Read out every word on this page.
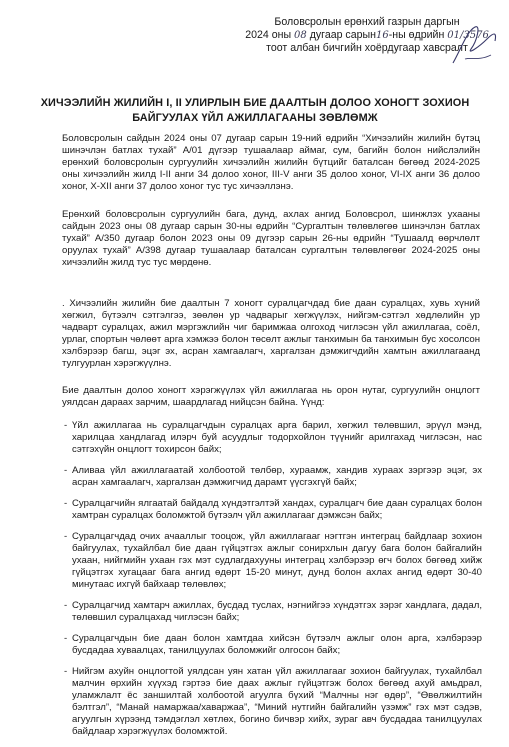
Боловсролын ерөнхий газрын даргын
2024 оны 08 дугаар сарын16-ны өдрийн 01/3576
тоот албан бичгийн хоёрдугаар хавсралт
ХИЧЭЭЛИЙН ЖИЛИЙН I, II УЛИРЛЫН БИЕ ДААЛТЫН ДОЛОО ХОНОГТ ЗОХИОН
БАЙГУУЛАХ ҮЙЛ АЖИЛЛАГААНЫ ЗӨВЛӨМЖ

Боловсролын сайдын 2024 оны 07 дугаар сарын 19-ний өдрийн “Хичээлийн жилийн бүтэц шинэчлэн батлах тухай” А/01 дүгээр тушаалаар аймаг, сум, багийн болон нийслэлийн ерөнхий боловсролын сургуулийн хичээлийн жилийн бүтцийг баталсан бөгөөд 2024-2025 оны хичээлийн жилд I-II анги 34 долоо хоног, III-V анги 35 долоо хоног, VI-IX анги 36 долоо хоног, X-XII анги 37 долоо хоног тус тус хичээллэнэ.

Ерөнхий боловсролын сургуулийн бага, дунд, ахлах ангид Боловсрол, шинжлэх ухааны сайдын 2023 оны 08 дугаар сарын 30-ны өдрийн “Сургалтын төлөвлөгөө шинэчлэн батлах тухай” А/350 дугаар болон 2023 оны 09 дүгээр сарын 26-ны өдрийн “Тушаалд өөрчлөлт оруулах тухай” А/398 дугаар тушаалаар баталсан сургалтын төлөвлөгөөг 2024-2025 оны хичээлийн жилд тус тус мөрдөнө.

. Хичээлийн жилийн бие даалтын 7 хоногт суралцагчдад бие даан суралцах, хувь хүний хөгжил, бүтээлч сэтгэлгээ, зөөлөн ур чадварыг хөгжүүлэх, нийгэм-сэтгэл хөдлөлийн ур чадварт суралцах, ажил мэргэжлийн чиг баримжаа олгоход чиглэсэн үйл ажиллагаа, соёл, урлаг, спортын чөлөөт арга хэмжээ болон төсөлт ажлыг танхимын ба танхимын бус хосолсон хэлбэрээр багш, эцэг эх, асран хамгаалагч, харгалзан дэмжигчдийн хамтын ажиллагаанд тулгуурлан хэрэгжүүлнэ.

Бие даалтын долоо хоногт хэрэгжүүлэх үйл ажиллагаа нь орон нутаг, сургуулийн онцлогт уялдсан дараах зарчим, шаардлагад нийцсэн байна. Үүнд:

- Үйл ажиллагаа нь суралцагчдын суралцах арга барил, хөгжил төлөвшил, эрүүл мэнд, харилцаа хандлагад илэрч буй асуудлыг тодорхойлон түүнийг арилгахад чиглэсэн, нас сэтгэхүйн онцлогт тохирсон байх;
- Аливаа үйл ажиллагаатай холбоотой төлбөр, хураамж, хандив хураах зэргээр эцэг, эх асран хамгаалагч, харгалзан дэмжигчид дарамт үүсгэхгүй байх;
- Суралцагчийн ялгаатай байдалд хүндэтгэлтэй хандах, суралцагч бие даан суралцах болон хамтран суралцах боломжтой бүтээлч үйл ажиллагааг дэмжсэн байх;
- Суралцагчдад очих ачааллыг тооцож, үйл ажиллагааг нэгтгэн интеграц байдлаар зохион байгуулах, тухайлбал бие даан гүйцэтгэх ажлыг сонирхлын дагуу бага болон байгалийн ухаан, нийгмийн ухаан гэх мэт судлагдахууны интеграц хэлбэрээр өгч болох бөгөөд хийж гүйцэтгэх хугацааг бага ангид өдөрт 15-20 минут, дунд болон ахлах ангид өдөрт 30-40 минутаас ихгүй байхаар төлөвлөх;
- Суралцагчид хамтарч ажиллах, бусдад туслах, нэгнийгээ хүндэтгэх зэрэг хандлага, дадал, төлөвшил суралцахад чиглэсэн байх;
- Суралцагчдын бие даан болон хамтдаа хийсэн бүтээлч ажлыг олон арга, хэлбэрээр бусдадаа хуваалцах, танилцуулах боломжийг олгосон байх;
- Нийгэм ахуйн онцлогтой уялдсан уян хатан үйл ажиллагааг зохион байгуулах, тухайлбал малчин өрхийн хүүхэд гэртээ бие даах ажлыг гүйцэтгэж болох бөгөөд ахуй амьдрал, уламжлалт ёс заншилтай холбоотой агуулга бүхий “Малчны нэг өдөр”, “Өвөлжилтийн бэлтгэл”, “Манай намаржаа/хаваржаа”, “Миний нутгийн байгалийн үзэмж” гэх мэт сэдэв, агуулгын хүрээнд тэмдэглэл хөтлөх, богино бичвэр хийх, зураг авч бусдадаа танилцуулах байдлаар хэрэгжүүлэх боломжтой.
